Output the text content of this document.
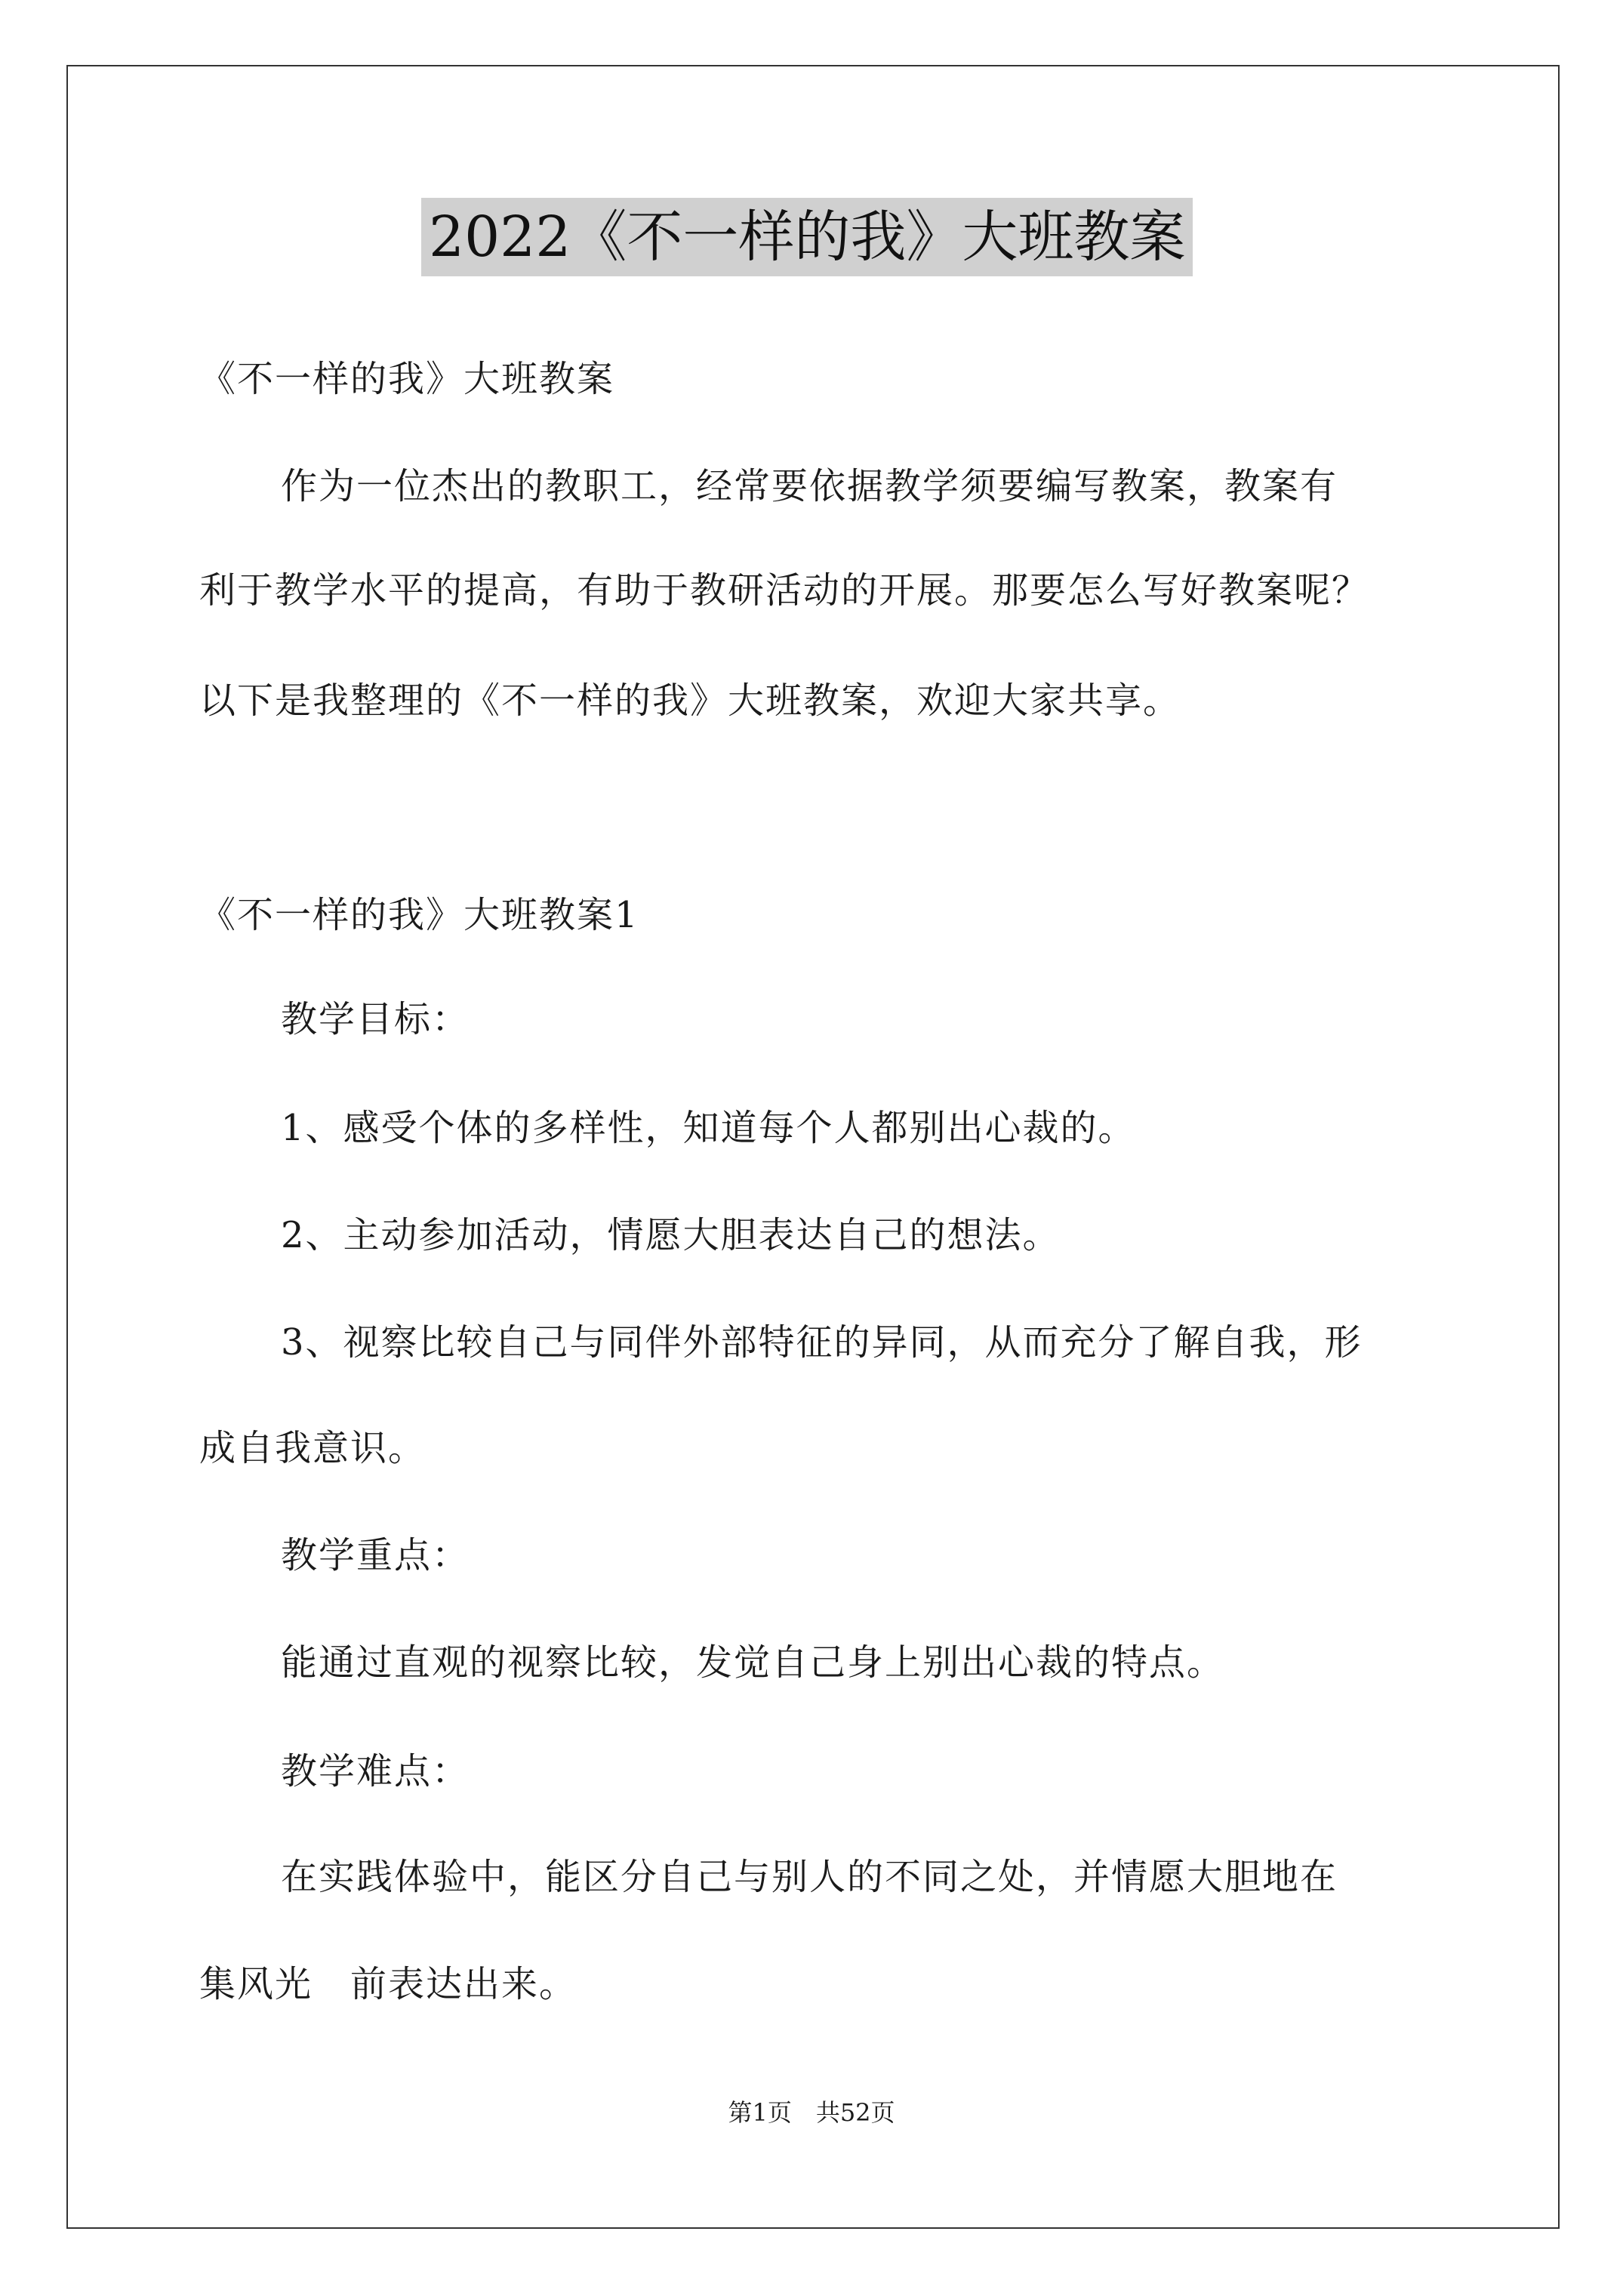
2022《不一样的我》大班教案
《不一样的我》大班教案
作为一位杰出的教职工，经常要依据教学须要编写教案，教案有
利于教学水平的提高，有助于教研活动的开展。那要怎么写好教案呢？
以下是我整理的《不一样的我》大班教案，欢迎大家共享。
《不一样的我》大班教案1
教学目标：
1、感受个体的多样性，知道每个人都别出心裁的。
2、主动参加活动，情愿大胆表达自己的想法。
3、视察比较自己与同伴外部特征的异同，从而充分了解自我，形
成自我意识。
教学重点：
能通过直观的视察比较，发觉自己身上别出心裁的特点。
教学难点：
在实践体验中，能区分自己与别人的不同之处，并情愿大胆地在
集风光　前表达出来。
第1页　共52页
